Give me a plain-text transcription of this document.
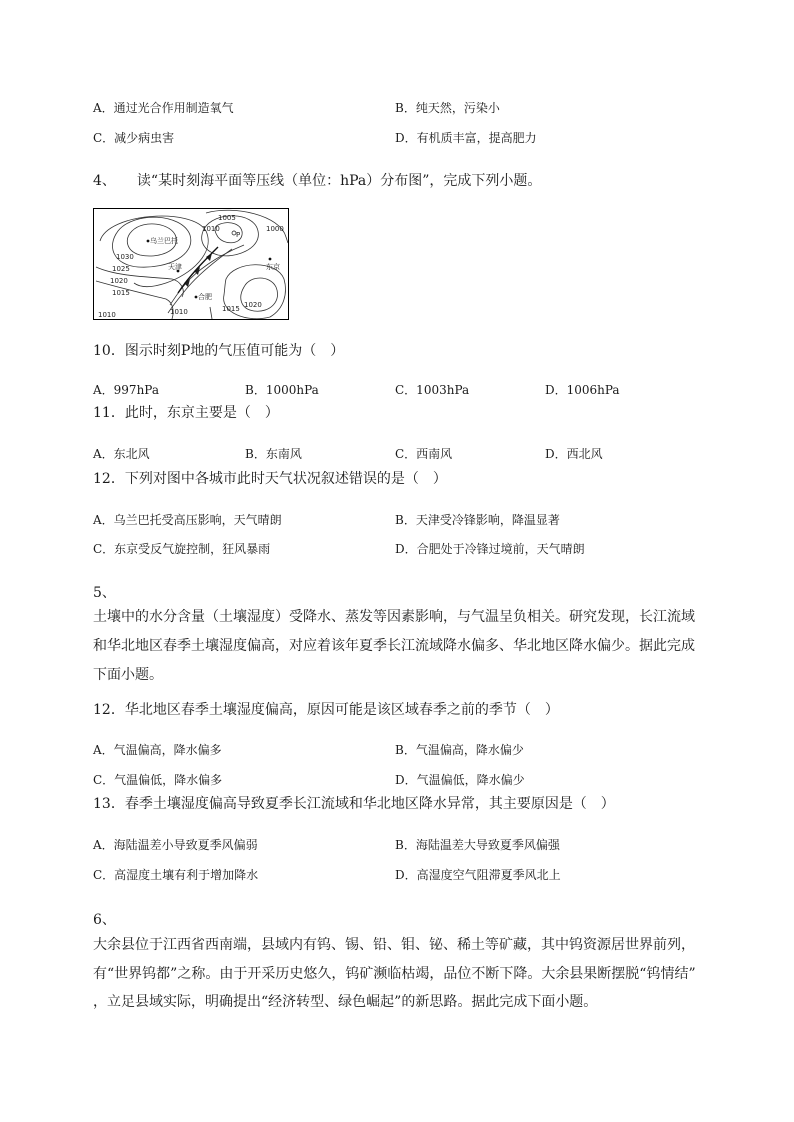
A．通过光合作用制造氧气	B．纯天然，污染小
C．减少病虫害	D．有机质丰富，提高肥力
4、　　读“某时刻海平面等压线（单位：hPa）分布图”，完成下列小题。
1005
1010
P
1000
乌兰巴托
1030
1025
1020
1015
天津	东京
合肥
1020
1015
1010
1010
10．图示时刻P地的气压值可能为（　）
A．997hPa	B．1000hPa	C．1003hPa	D．1006hPa
11．此时，东京主要是（　）
A．东北风	B．东南风	C．西南风	D．西北风
12．下列对图中各城市此时天气状况叙述错误的是（　）
A．乌兰巴托受高压影响，天气晴朗	B．天津受冷锋影响，降温显著
C．东京受反气旋控制，狂风暴雨	D．合肥处于冷锋过境前，天气晴朗
5、
土壤中的水分含量（土壤湿度）受降水、蒸发等因素影响，与气温呈负相关。研究发现，长江流域
和华北地区春季土壤湿度偏高，对应着该年夏季长江流域降水偏多、华北地区降水偏少。据此完成
下面小题。
12．华北地区春季土壤湿度偏高，原因可能是该区域春季之前的季节（　）
A．气温偏高，降水偏多	B．气温偏高，降水偏少
C．气温偏低，降水偏多	D．气温偏低，降水偏少
13．春季土壤湿度偏高导致夏季长江流域和华北地区降水异常，其主要原因是（　）
A．海陆温差小导致夏季风偏弱	B．海陆温差大导致夏季风偏强
C．高湿度土壤有利于增加降水	D．高湿度空气阻滞夏季风北上
6、
大余县位于江西省西南端，县域内有钨、锡、铅、钼、铋、稀土等矿藏，其中钨资源居世界前列，
有“世界钨都”之称。由于开采历史悠久，钨矿濒临枯竭，品位不断下降。大余县果断摆脱“钨情结”
，立足县域实际，明确提出“经济转型、绿色崛起”的新思路。据此完成下面小题。
